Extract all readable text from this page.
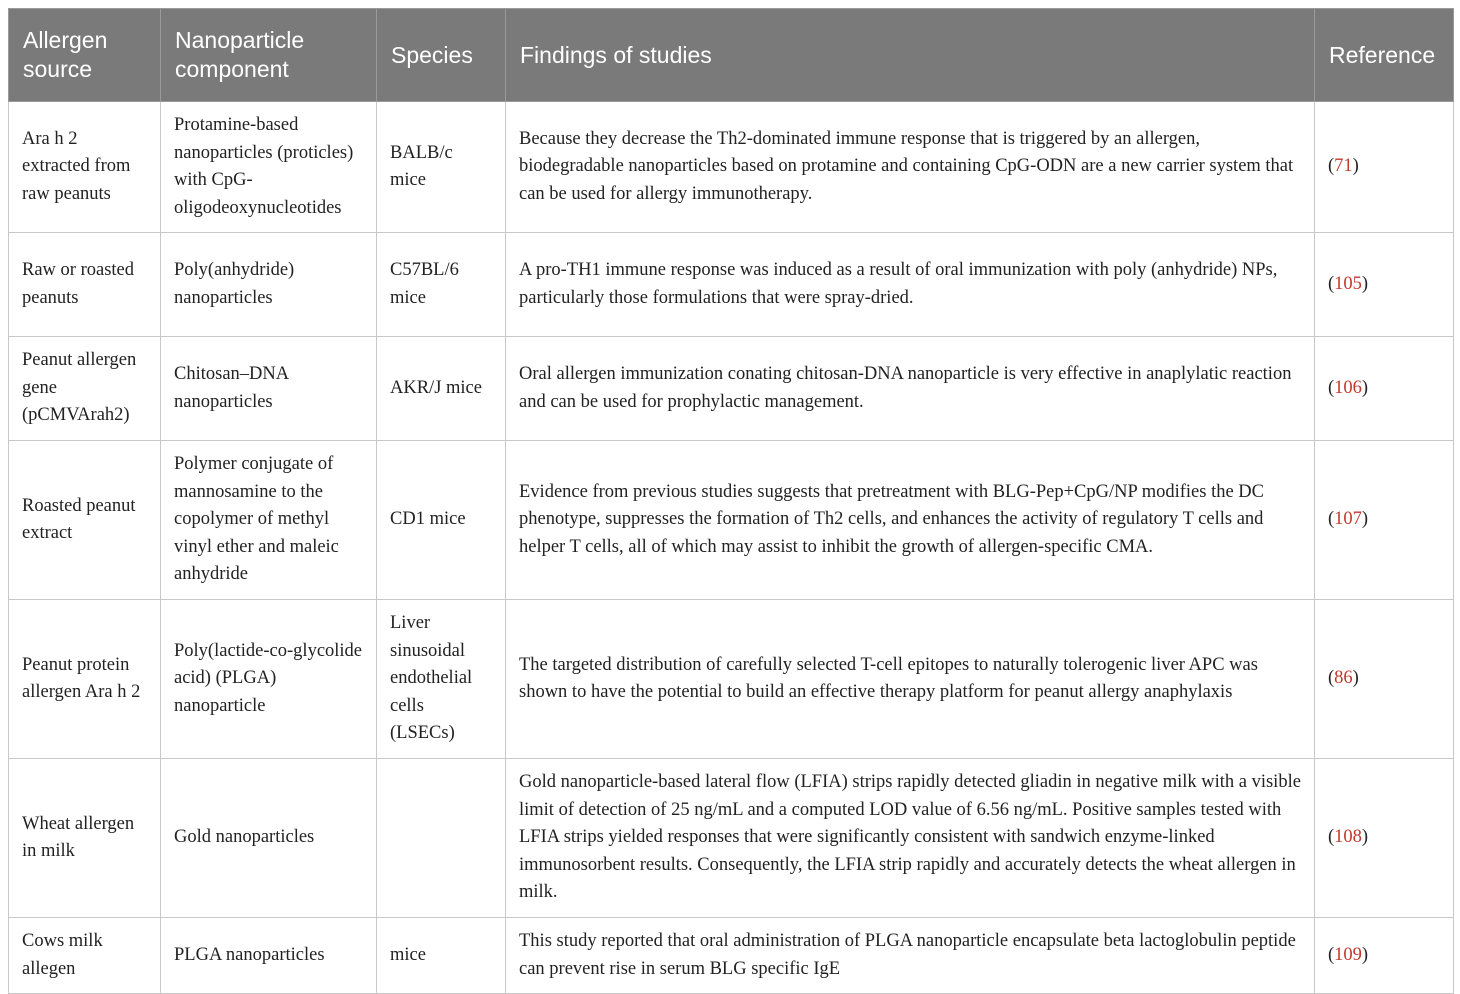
Allergen source	Nanoparticle component	Species	Findings of studies	Reference
Ara h 2 extracted from raw peanuts	Protamine-based nanoparticles (proticles) with CpG-oligodeoxynucleotides	BALB/c mice	Because they decrease the Th2-dominated immune response that is triggered by an allergen, biodegradable nanoparticles based on protamine and containing CpG-ODN are a new carrier system that can be used for allergy immunotherapy.	(71)
Raw or roasted peanuts	Poly(anhydride) nanoparticles	C57BL/6 mice	A pro-TH1 immune response was induced as a result of oral immunization with poly (anhydride) NPs, particularly those formulations that were spray-dried.	(105)
Peanut allergen gene (pCMVArah2)	Chitosan–DNA nanoparticles	AKR/J mice	Oral allergen immunization conating chitosan-DNA nanoparticle is very effective in anaplylatic reaction and can be used for prophylactic management.	(106)
Roasted peanut extract	Polymer conjugate of mannosamine to the copolymer of methyl vinyl ether and maleic anhydride	CD1 mice	Evidence from previous studies suggests that pretreatment with BLG-Pep+CpG/NP modifies the DC phenotype, suppresses the formation of Th2 cells, and enhances the activity of regulatory T cells and helper T cells, all of which may assist to inhibit the growth of allergen-specific CMA.	(107)
Peanut protein allergen Ara h 2	Poly(lactide-co-glycolide acid) (PLGA) nanoparticle	Liver sinusoidal endothelial cells (LSECs)	The targeted distribution of carefully selected T-cell epitopes to naturally tolerogenic liver APC was shown to have the potential to build an effective therapy platform for peanut allergy anaphylaxis	(86)
Wheat allergen in milk	Gold nanoparticles		Gold nanoparticle-based lateral flow (LFIA) strips rapidly detected gliadin in negative milk with a visible limit of detection of 25 ng/mL and a computed LOD value of 6.56 ng/mL. Positive samples tested with LFIA strips yielded responses that were significantly consistent with sandwich enzyme-linked immunosorbent results. Consequently, the LFIA strip rapidly and accurately detects the wheat allergen in milk.	(108)
Cows milk allegen	PLGA nanoparticles	mice	This study reported that oral administration of PLGA nanoparticle encapsulate beta lactoglobulin peptide can prevent rise in serum BLG specific IgE	(109)
